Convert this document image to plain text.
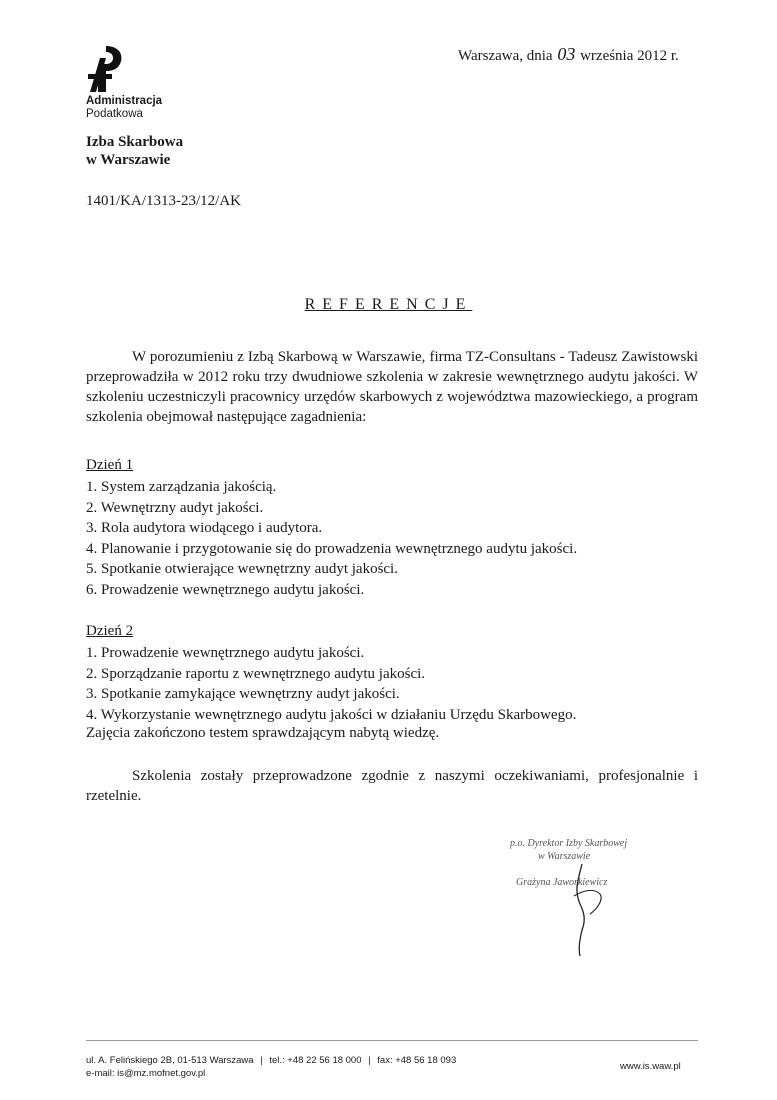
Administracja
Podatkowa
Izba Skarbowa
w Warszawie
1401/KA/1313-23/12/AK
Warszawa, dnia 03 września 2012 r.
REFERENCJE

W porozumieniu z Izbą Skarbową w Warszawie, firma TZ-Consultans - Tadeusz Zawistowski przeprowadziła w 2012 roku trzy dwudniowe szkolenia w zakresie wewnętrznego audytu jakości. W szkoleniu uczestniczyli pracownicy urzędów skarbowych z województwa mazowieckiego, a program szkolenia obejmował następujące zagadnienia:

Dzień 1
1. System zarządzania jakością.
2. Wewnętrzny audyt jakości.
3. Rola audytora wiodącego i audytora.
4. Planowanie i przygotowanie się do prowadzenia wewnętrznego audytu jakości.
5. Spotkanie otwierające wewnętrzny audyt jakości.
6. Prowadzenie wewnętrznego audytu jakości.
Dzień 2
1. Prowadzenie wewnętrznego audytu jakości.
2. Sporządzanie raportu z wewnętrznego audytu jakości.
3. Spotkanie zamykające wewnętrzny audyt jakości.
4. Wykorzystanie wewnętrznego audytu jakości w działaniu Urzędu Skarbowego.
Zajęcia zakończono testem sprawdzającym nabytą wiedzę.

Szkolenia zostały przeprowadzone zgodnie z naszymi oczekiwaniami, profesjonalnie i rzetelnie.

p.o. Dyrektor Izby Skarbowej
w Warszawie
Grażyna Jaworkiewicz
ul. A. Felińskiego 2B, 01-513 Warszawa | tel.: +48 22 56 18 000 | fax: +48 56 18 093
e-mail: is@mz.mofnet.gov.pl
www.is.waw.pl
